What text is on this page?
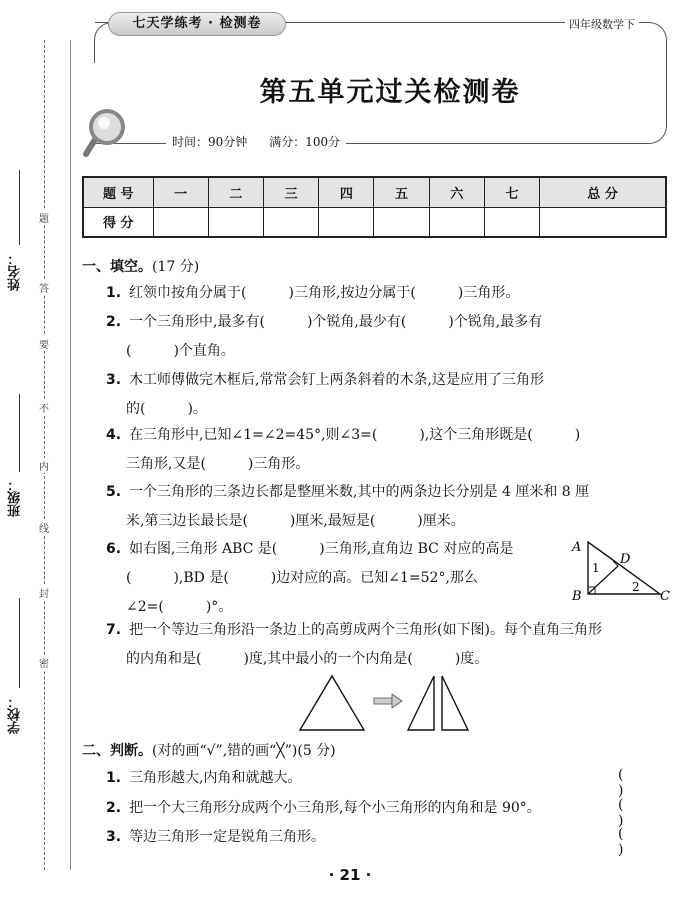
题
答
要
不
内
线
封
密
姓名：
班级：
学校：
七天学练考 · 检测卷	四年级数学下
第五单元过关检测卷
时间：90分钟 满分：100分
题 号	一	二	三	四	五	六	七	总 分
得 分								
一、填空。(17 分)
1. 红领巾按角分属于(　　　)三角形,按边分属于(　　　)三角形。
2. 一个三角形中,最多有(　　　)个锐角,最少有(　　　)个锐角,最多有
(　　　)个直角。
3. 木工师傅做完木框后,常常会钉上两条斜着的木条,这是应用了三角形
的(　　　)。
4. 在三角形中,已知∠1=∠2=45°,则∠3=(　　　),这个三角形既是(　　　)
三角形,又是(　　　)三角形。
5. 一个三角形的三条边长都是整厘米数,其中的两条边长分别是 4 厘米和 8 厘
米,第三边长最长是(　　　)厘米,最短是(　　　)厘米。
6. 如右图,三角形 ABC 是(　　　)三角形,直角边 BC 对应的高是
(　　　),BD 是(　　　)边对应的高。已知∠1=52°,那么
∠2=(　　　)°。
A
B	C
D
1
2
7. 把一个等边三角形沿一条边上的高剪成两个三角形(如下图)。每个直角三角形
的内角和是(　　　)度,其中最小的一个内角是(　　　)度。
二、判断。(对的画“√”,错的画“╳”)(5 分)
1. 三角形越大,内角和就越大。	( )
2. 把一个大三角形分成两个小三角形,每个小三角形的内角和是 90°。	( )
3. 等边三角形一定是锐角三角形。	( )
· 21 ·
